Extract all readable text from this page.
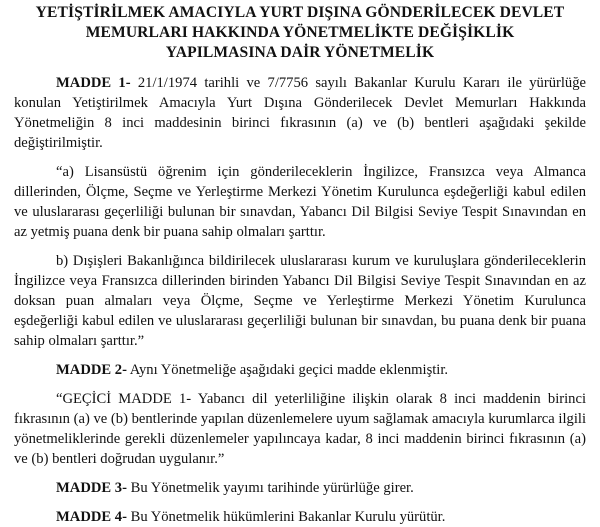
YETİŞTİRİLMEK AMACIYLA YURT DIŞINA GÖNDERİLECEK DEVLET
MEMURLARI HAKKINDA YÖNETMELİKTE DEĞİŞİKLİK
YAPILMASINA DAİR YÖNETMELİK

MADDE 1- 21/1/1974 tarihli ve 7/7756 sayılı Bakanlar Kurulu Kararı ile yürürlüğe konulan Yetiştirilmek Amacıyla Yurt Dışına Gönderilecek Devlet Memurları Hakkında Yönetmeliğin 8 inci maddesinin birinci fıkrasının (a) ve (b) bentleri aşağıdaki şekilde değiştirilmiştir.

“a) Lisansüstü öğrenim için gönderileceklerin İngilizce, Fransızca veya Almanca dillerinden, Ölçme, Seçme ve Yerleştirme Merkezi Yönetim Kurulunca eşdeğerliği kabul edilen ve uluslararası geçerliliği bulunan bir sınavdan, Yabancı Dil Bilgisi Seviye Tespit Sınavından en az yetmiş puana denk bir puana sahip olmaları şarttır.

b) Dışişleri Bakanlığınca bildirilecek uluslararası kurum ve kuruluşlara gönderileceklerin İngilizce veya Fransızca dillerinden birinden Yabancı Dil Bilgisi Seviye Tespit Sınavından en az doksan puan almaları veya Ölçme, Seçme ve Yerleştirme Merkezi Yönetim Kurulunca eşdeğerliği kabul edilen ve uluslararası geçerliliği bulunan bir sınavdan, bu puana denk bir puana sahip olmaları şarttır.”

MADDE 2- Aynı Yönetmeliğe aşağıdaki geçici madde eklenmiştir.

“GEÇİCİ MADDE 1- Yabancı dil yeterliliğine ilişkin olarak 8 inci maddenin birinci fıkrasının (a) ve (b) bentlerinde yapılan düzenlemelere uyum sağlamak amacıyla kurumlarca ilgili yönetmeliklerinde gerekli düzenlemeler yapılıncaya kadar, 8 inci maddenin birinci fıkrasının (a) ve (b) bentleri doğrudan uygulanır.”

MADDE 3- Bu Yönetmelik yayımı tarihinde yürürlüğe girer.

MADDE 4- Bu Yönetmelik hükümlerini Bakanlar Kurulu yürütür.
